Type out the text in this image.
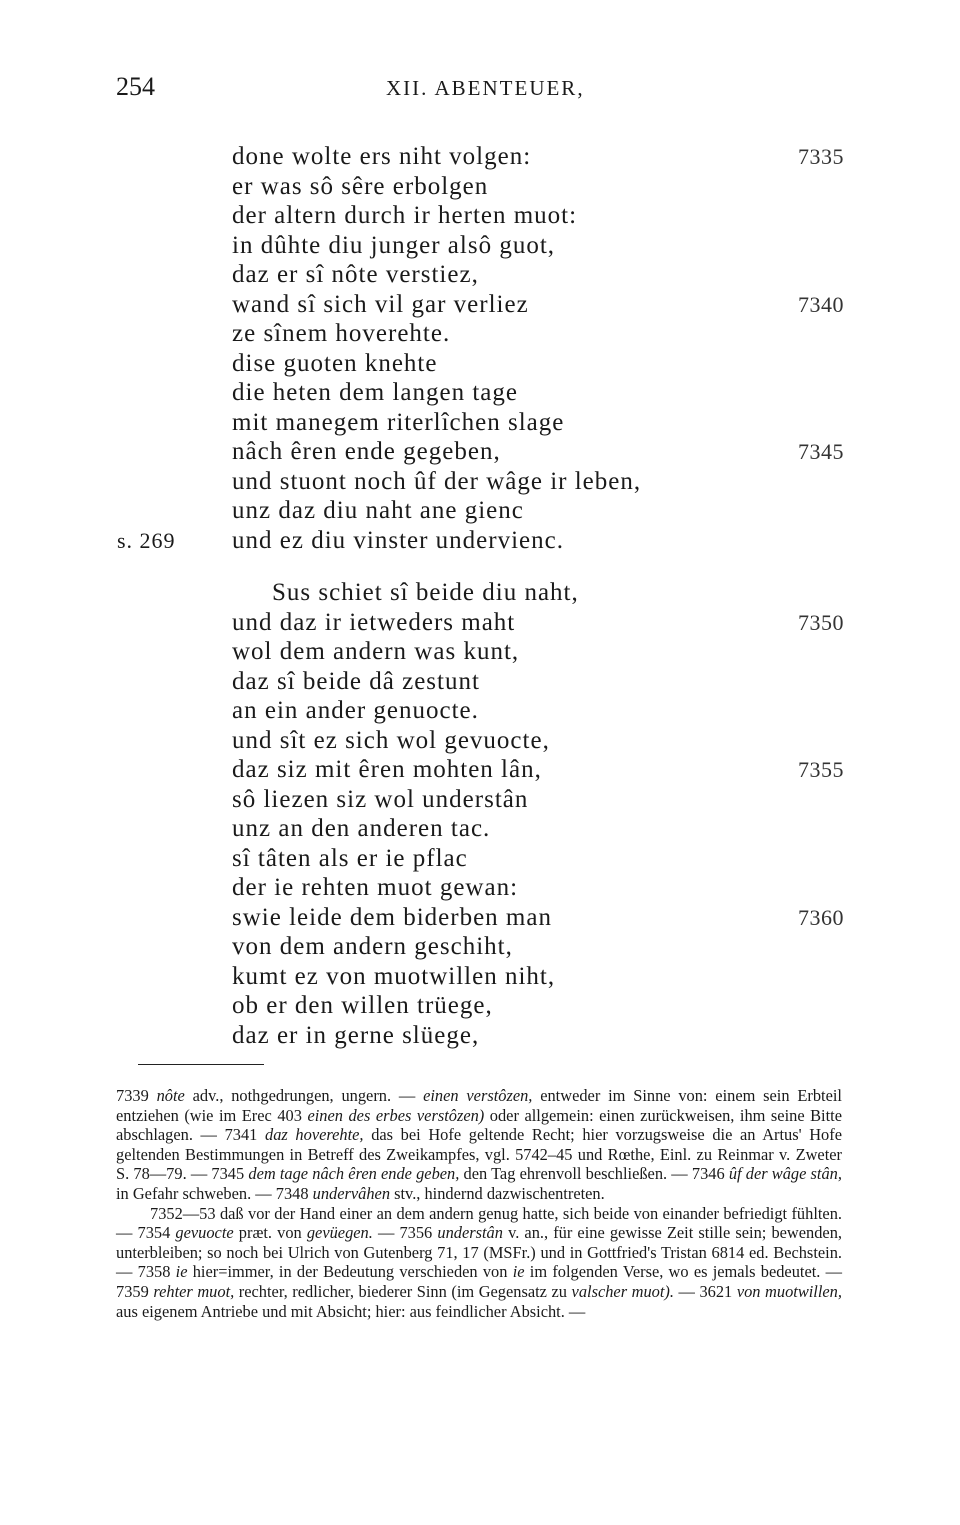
254	XII. ABENTEUER,
done wolte ers niht volgen:	7335
er was sô sêre erbolgen
der altern durch ir herten muot:
in dûhte diu junger alsô guot,
daz er sî nôte verstiez,
wand sî sich vil gar verliez	7340
ze sînem hoverehte.
dise guoten knehte
die heten dem langen tage
mit manegem riterlîchen slage
nâch êren ende gegeben,	7345
und stuont noch ûf der wâge ir leben,
unz daz diu naht ane gienc
und ez diu vinster undervienc.
s. 269
Sus schiet sî beide diu naht,
und daz ir ietweders maht	7350
wol dem andern was kunt,
daz sî beide dâ zestunt
an ein ander genuocte.
und sît ez sich wol gevuocte,
daz siz mit êren mohten lân,	7355
sô liezen siz wol understân
unz an den anderen tac.
sî tâten als er ie pflac
der ie rehten muot gewan:
swie leide dem biderben man	7360
von dem andern geschiht,
kumt ez von muotwillen niht,
ob er den willen trüege,
daz er in gerne slüege,

7339 nôte adv., nothgedrungen, ungern. — einen verstôzen, entweder im Sinne von: einem sein Erbteil entziehen (wie im Erec 403 einen des erbes verstôzen) oder allgemein: einen zurückweisen, ihm seine Bitte abschlagen. — 7341 daz hoverehte, das bei Hofe geltende Recht; hier vorzugsweise die an Artus' Hofe geltenden Bestimmungen in Betreff des Zweikampfes, vgl. 5742–45 und Rœthe, Einl. zu Reinmar v. Zweter S. 78—79. — 7345 dem tage nâch êren ende geben, den Tag ehrenvoll beschließen. — 7346 ûf der wâge stân, in Gefahr schweben. — 7348 undervâhen stv., hindernd dazwischentreten.

7352—53 daß vor der Hand einer an dem andern genug hatte, sich beide von einander befriedigt fühlten. — 7354 gevuocte præt. von gevüegen. — 7356 understân v. an., für eine gewisse Zeit stille sein; bewenden, unterbleiben; so noch bei Ulrich von Gutenberg 71, 17 (MSFr.) und in Gottfried's Tristan 6814 ed. Bechstein. — 7358 ie hier=immer, in der Bedeutung verschieden von ie im folgenden Verse, wo es jemals bedeutet. — 7359 rehter muot, rechter, redlicher, biederer Sinn (im Gegensatz zu valscher muot). — 3621 von muotwillen, aus eigenem Antriebe und mit Absicht; hier: aus feindlicher Absicht. —
